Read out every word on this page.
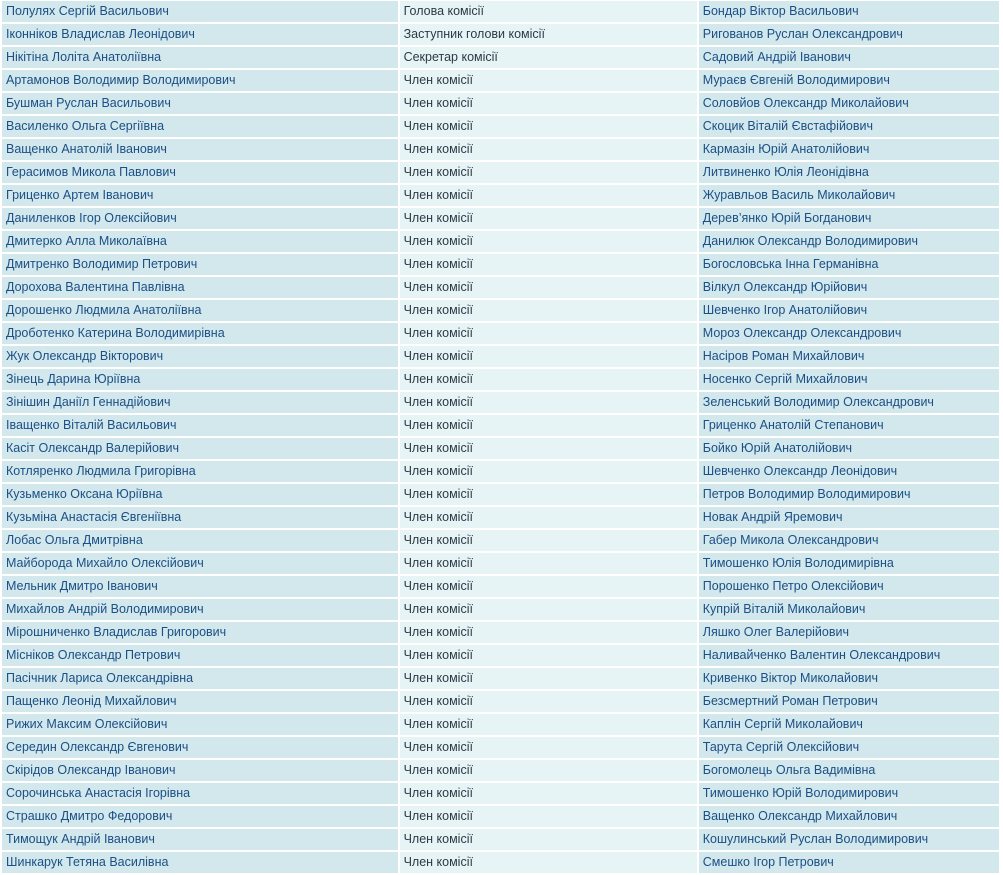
Полулях Сергій Васильович	Голова комісії	Бондар Віктор Васильович
Іконніков Владислав Леонідович	Заступник голови комісії	Ригованов Руслан Олександрович
Нікітіна Лоліта Анатоліївна	Секретар комісії	Садовий Андрій Іванович
Артамонов Володимир Володимирович	Член комісії	Мураєв Євгеній Володимирович
Бушман Руслан Васильович	Член комісії	Соловйов Олександр Миколайович
Василенко Ольга Сергіївна	Член комісії	Скоцик Віталій Євстафійович
Ващенко Анатолій Іванович	Член комісії	Кармазін Юрій Анатолійович
Герасимов Микола Павлович	Член комісії	Литвиненко Юлія Леонідівна
Гриценко Артем Іванович	Член комісії	Журавльов Василь Миколайович
Даниленков Ігор Олексійович	Член комісії	Дерев’янко Юрій Богданович
Дмитерко Алла Миколаївна	Член комісії	Данилюк Олександр Володимирович
Дмитренко Володимир Петрович	Член комісії	Богословська Інна Германівна
Дорохова Валентина Павлівна	Член комісії	Вілкул Олександр Юрійович
Дорошенко Людмила Анатоліївна	Член комісії	Шевченко Ігор Анатолійович
Дроботенко Катерина Володимирівна	Член комісії	Мороз Олександр Олександрович
Жук Олександр Вікторович	Член комісії	Насіров Роман Михайлович
Зінець Дарина Юріївна	Член комісії	Носенко Сергій Михайлович
Зінішин Даніїл Геннадійович	Член комісії	Зеленський Володимир Олександрович
Іващенко Віталій Васильович	Член комісії	Гриценко Анатолій Степанович
Касіт Олександр Валерійович	Член комісії	Бойко Юрій Анатолійович
Котляренко Людмила Григорівна	Член комісії	Шевченко Олександр Леонідович
Кузьменко Оксана Юріївна	Член комісії	Петров Володимир Володимирович
Кузьміна Анастасія Євгеніївна	Член комісії	Новак Андрій Яремович
Лобас Ольга Дмитрівна	Член комісії	Габер Микола Олександрович
Майборода Михайло Олексійович	Член комісії	Тимошенко Юлія Володимирівна
Мельник Дмитро Іванович	Член комісії	Порошенко Петро Олексійович
Михайлов Андрій Володимирович	Член комісії	Купрій Віталій Миколайович
Мірошниченко Владислав Григорович	Член комісії	Ляшко Олег Валерійович
Місніков Олександр Петрович	Член комісії	Наливайченко Валентин Олександрович
Пасічник Лариса Олександрівна	Член комісії	Кривенко Віктор Миколайович
Пащенко Леонід Михайлович	Член комісії	Безсмертний Роман Петрович
Рижих Максим Олексійович	Член комісії	Каплін Сергій Миколайович
Середин Олександр Євгенович	Член комісії	Тарута Сергій Олексійович
Скірідов Олександр Іванович	Член комісії	Богомолець Ольга Вадимівна
Сорочинська Анастасія Ігорівна	Член комісії	Тимошенко Юрій Володимирович
Страшко Дмитро Федорович	Член комісії	Ващенко Олександр Михайлович
Тимощук Андрій Іванович	Член комісії	Кошулинський Руслан Володимирович
Шинкарук Тетяна Василівна	Член комісії	Смешко Ігор Петрович
